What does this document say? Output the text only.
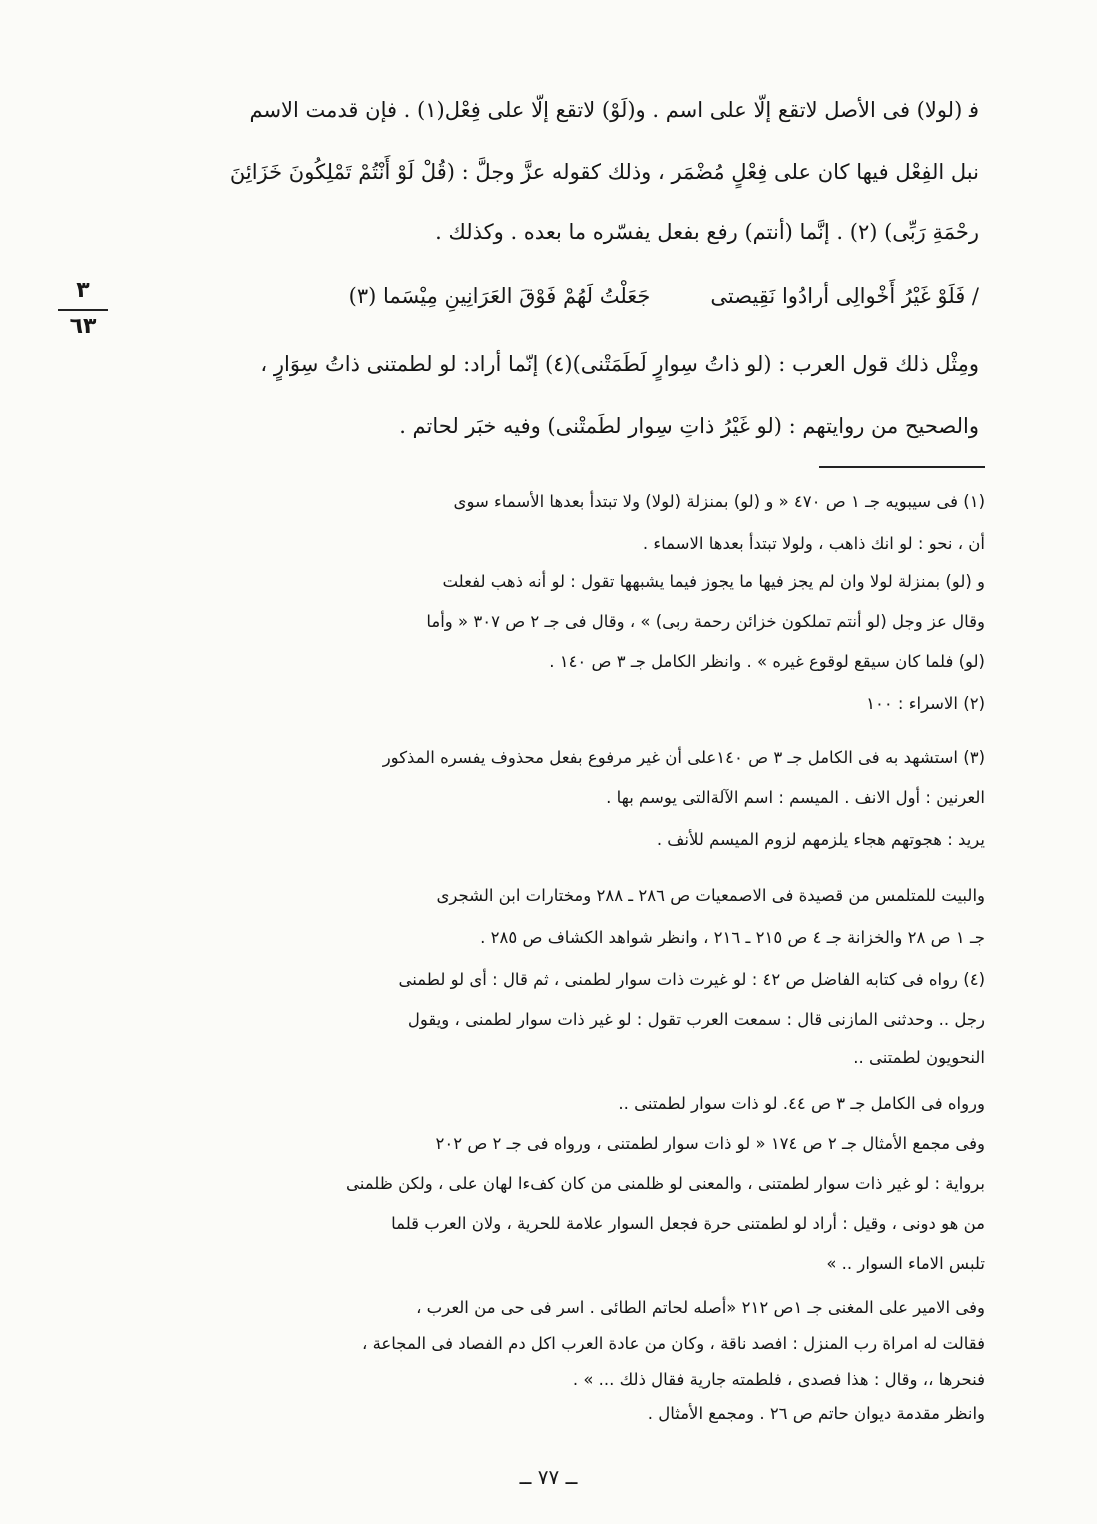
ﻓ (لولا) فى الأصل لاتقع إلّا على اسم . و(لَوْ) لاتقع إلّا على فِعْل(١) . فإن قدمت الاسم
نبل الفِعْل فيها كان على فِعْلٍ مُضْمَر ، وذلك كقوله عزَّ وجلَّ : (قُلْ لَوْ أَنْتُمْ تَمْلِكُونَ خَزَائِنَ
رحْمَةِ رَبِّى) (٢) . إنَّما (أنتم) رفع بفعل يفسّره ما بعده . وكذلك .
٣
٦٣
/ فَلَوْ غَيْرُ أَخْوالِى أرادُوا نَقِيصتى
جَعَلْتُ لَهُمْ فَوْقَ العَرَانِينِ مِيْسَما (٣)
ومِثْل ذلك قول العرب : (لو ذاتُ سِوارٍ لَطَمَتْنى)(٤) إنّما أراد: لو لطمتنى ذاتُ سِوَارٍ ،
والصحيح من روايتهم : (لو غَيْرُ ذاتِ سِوار لطَمتْنى) وفيه خبَر لحاتم .
(١) فى سيبويه جـ ١ ص ٤٧٠ « و (لو) بمنزلة (لولا) ولا تبتدأ بعدها الأسماء سوى
أن ، نحو : لو انك ذاهب ، ولولا تبتدأ بعدها الاسماء .
و (لو) بمنزلة لولا وان لم يجز فيها ما يجوز فيما يشبهها تقول : لو أنه ذهب لفعلت
وقال عز وجل (لو أنتم تملكون خزائن رحمة ربى) » ، وقال فى جـ ٢ ص ٣٠٧ « وأما
(لو) فلما كان سيقع لوقوع غيره » . وانظر الكامل جـ ٣ ص ١٤٠ .
(٢) الاسراء : ١٠٠
(٣) استشهد به فى الكامل جـ ٣ ص ١٤٠على أن غير مرفوع بفعل محذوف يفسره المذكور
العرنين : أول الانف . الميسم : اسم الآلةالتى يوسم بها .
يريد : هجوتهم هجاء يلزمهم لزوم الميسم للأنف .
والبيت للمتلمس من قصيدة فى الاصمعيات ص ٢٨٦ ـ ٢٨٨ ومختارات ابن الشجرى
جـ ١ ص ٢٨ والخزانة جـ ٤ ص ٢١٥ ـ ٢١٦ ، وانظر شواهد الكشاف ص ٢٨٥ .
(٤) رواه فى كتابه الفاضل ص ٤٢ : لو غيرت ذات سوار لطمنى ، ثم قال : أى لو لطمنى
رجل .. وحدثنى المازنى قال : سمعت العرب تقول : لو غير ذات سوار لطمنى ، ويقول
النحويون لطمتنى ..
ورواه فى الكامل جـ ٣ ص ٤٤. لو ذات سوار لطمتنى ..
وفى مجمع الأمثال جـ ٢ ص ١٧٤ « لو ذات سوار لطمتنى ، ورواه فى جـ ٢ ص ٢٠٢
برواية : لو غير ذات سوار لطمتنى ، والمعنى لو ظلمنى من كان كفءا لهان على ، ولكن ظلمنى
من هو دونى ، وقيل : أراد لو لطمتنى حرة فجعل السوار علامة للحرية ، ولان العرب قلما
تلبس الاماء السوار .. »
وفى الامير على المغنى جـ ١ص ٢١٢ «أصله لحاتم الطائى . اسر فى حى من العرب ،
فقالت له امراة رب المنزل : افصد ناقة ، وكان من عادة العرب اكل دم الفصاد فى المجاعة ،
فنحرها ،، وقال : هذا فصدى ، فلطمته جارية فقال ذلك ... » .
وانظر مقدمة ديوان حاتم ص ٢٦ . ومجمع الأمثال .
ــ ٧٧ ــ
